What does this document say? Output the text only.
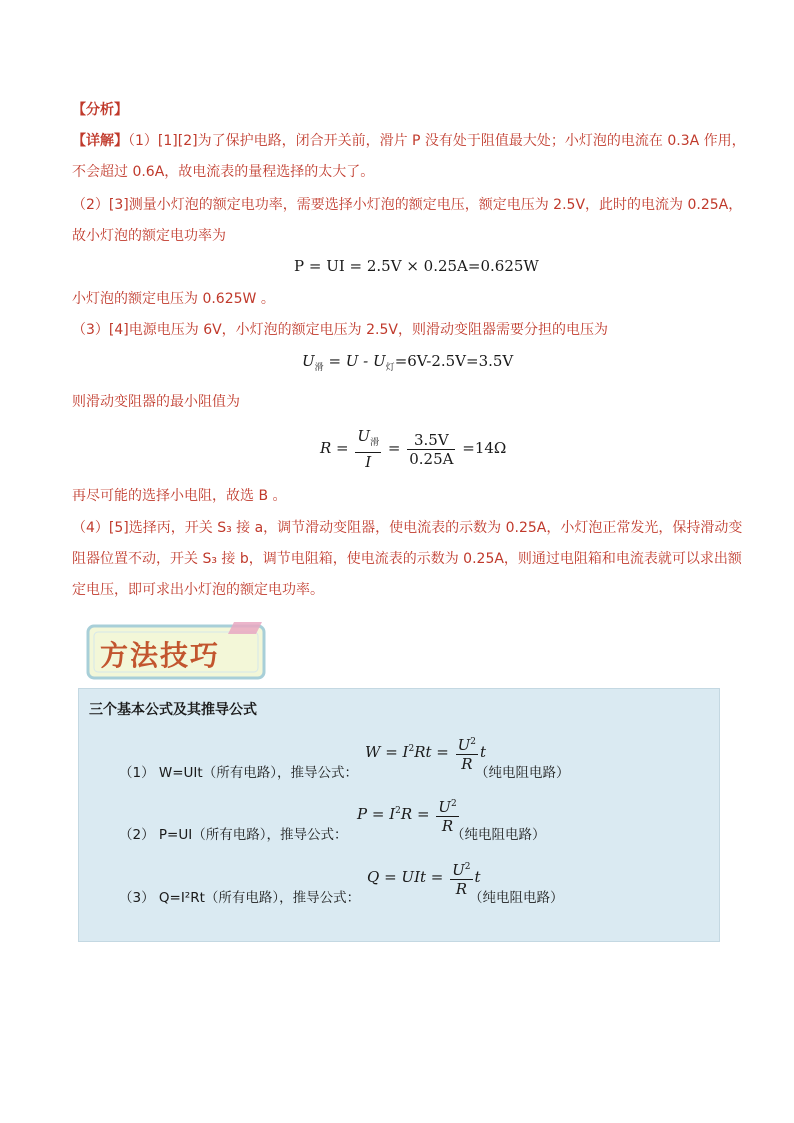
【分析】
【详解】（1）[1][2]为了保护电路，闭合开关前，滑片 P 没有处于阻值最大处；小灯泡的电流在 0.3A 作用，
不会超过 0.6A，故电流表的量程选择的太大了。
（2）[3]测量小灯泡的额定电功率，需要选择小灯泡的额定电压，额定电压为 2.5V，此时的电流为 0.25A，
故小灯泡的额定电功率为
P = UI = 2.5V × 0.25A=0.625W
小灯泡的额定电压为 0.625W 。
（3）[4]电源电压为 6V，小灯泡的额定电压为 2.5V，则滑动变阻器需要分担的电压为
$U_滑 = U - U_灯=6V-2.5V=3.5V$
则滑动变阻器的最小阻值为
$R = \frac{U_滑}{I} = \frac{3.5V}{0.25A} =14\Omega$
再尽可能的选择小电阻，故选 B 。
（4）[5]选择丙，开关 S₃ 接 a，调节滑动变阻器，使电流表的示数为 0.25A，小灯泡正常发光，保持滑动变
阻器位置不动，开关 S₃ 接 b，调节电阻箱，使电流表的示数为 0.25A，则通过电阻箱和电流表就可以求出额
定电压，即可求出小灯泡的额定电功率。
方法技巧
三个基本公式及其推导公式
（1） W=UIt（所有电路），推导公式：
$W = I^2Rt = \frac{U^2}{R}$ t
（纯电阻电路）
（2） P=UI（所有电路），推导公式：
$P = I^2R = \frac{U^2}{R}$
（纯电阻电路）
（3） Q=I²Rt（所有电路），推导公式：
Q = UIt = $\frac{U^2}{R}$ t
（纯电阻电路）
